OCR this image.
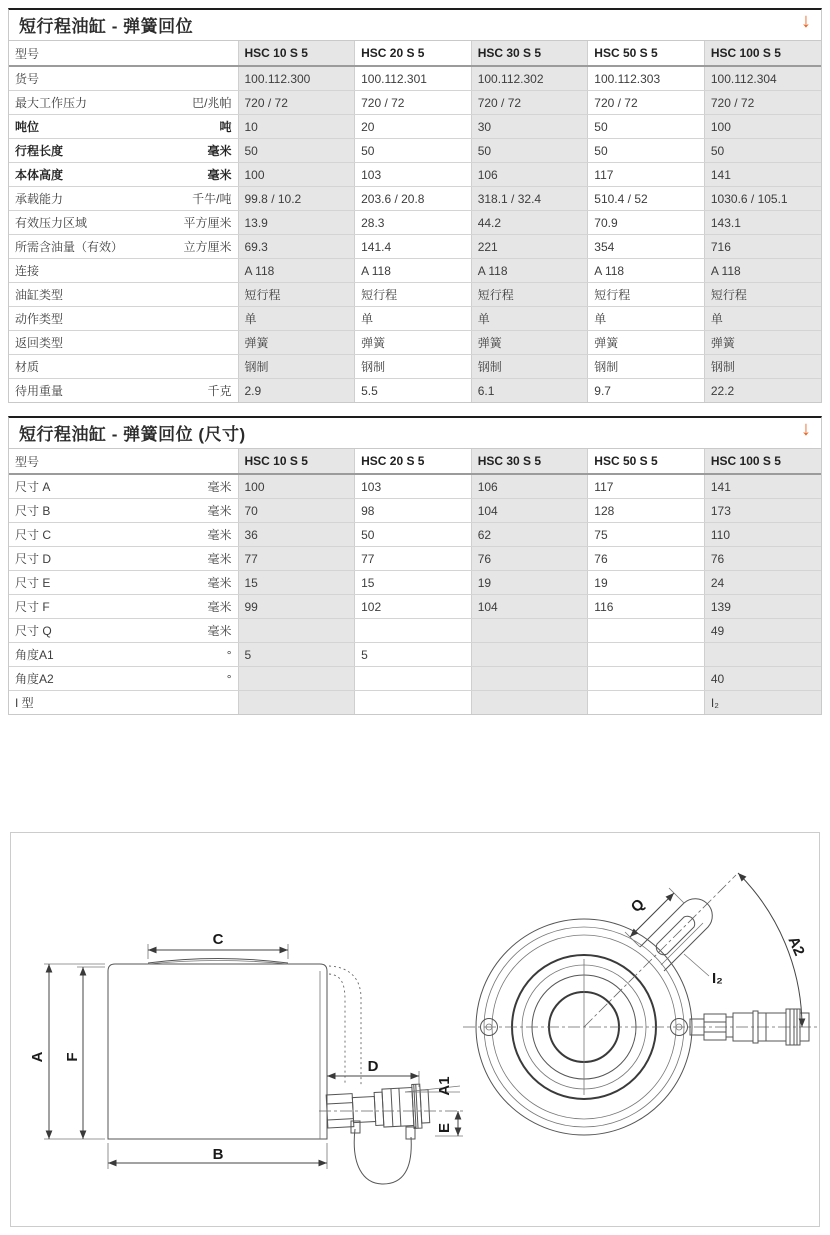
短行程油缸 - 弹簧回位	↓
型号	HSC 10 S 5	HSC 20 S 5	HSC 30 S 5	HSC 50 S 5	HSC 100 S 5

货号	100.112.300	100.112.301	100.112.302	100.112.303	100.112.304

最大工作压力 巴/兆帕	720 / 72	720 / 72	720 / 72	720 / 72	720 / 72

吨位 吨	10	20	30	50	100

行程长度 毫米	50	50	50	50	50

本体高度 毫米	100	103	106	117	141

承载能力 千牛/吨	99.8 / 10.2	203.6 / 20.8	318.1 / 32.4	510.4 / 52	1030.6 / 105.1

有效压力区域 平方厘米	13.9	28.3	44.2	70.9	143.1

所需含油量（有效） 立方厘米	69.3	141.4	221	354	716

连接	A 118	A 118	A 118	A 118	A 118

油缸类型	短行程	短行程	短行程	短行程	短行程

动作类型	单	单	单	单	单

返回类型	弹簧	弹簧	弹簧	弹簧	弹簧

材质	钢制	钢制	钢制	钢制	钢制

待用重量 千克	2.9	5.5	6.1	9.7	22.2
短行程油缸 - 弹簧回位 (尺寸)	↓
型号	HSC 10 S 5	HSC 20 S 5	HSC 30 S 5	HSC 50 S 5	HSC 100 S 5

尺寸 A 毫米	100	103	106	117	141

尺寸 B 毫米	70	98	104	128	173

尺寸 C 毫米	36	50	62	75	110

尺寸 D 毫米	77	77	76	76	76

尺寸 E 毫米	15	15	19	19	24

尺寸 F 毫米	99	102	104	116	139

尺寸 Q 毫米					49

角度A1 °	5	5			

角度A2 °					40

I 型					I₂
A F
C
B
D
A1
E
Q
A2
I₂
